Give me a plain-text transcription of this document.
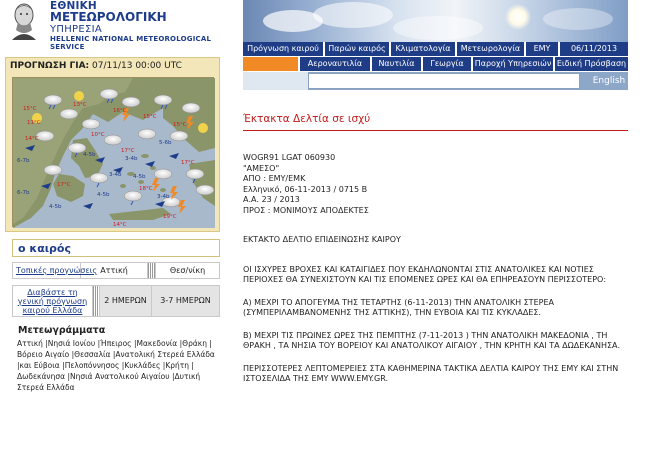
ΕΘΝΙΚΗ
ΜΕΤΕΩΡΟΛΟΓΙΚΗ
ΥΠΗΡΕΣΙΑ
HELLENIC NATIONAL METEOROLOGICAL SERVICE	Πρόγνωση καιρού	Παρών καιρός	Κλιματολογία	Μετεωρολογία	ΕΜΥ	06/11/2013
Αεροναυτιλία	Ναυτιλία	Γεωργία	Παροχή Υπηρεσιών Ειδική Πρόσβαση
English
ΠΡΟΓΝΩΣΗ ΓΙΑ: 07/11/13 00:00 UTC
15°C
13°C
16°C
11°C
10°C
15°C
15°C
14°C
17°C
17°C
17°C
18°C
19°C
14°C
6-7b
6-7b
4-5b
3-4b
3-4b
4-5b
4-5b
3-4b
5-6b
4-5b
ο καιρός
Τοπικές προγνώσεις Αττική	Θεσ/νίκη
Διαβάστε τη γενική πρόγνωση καιρού Ελλάδα
2 ΗΜΕΡΩΝ	3-7 ΗΜΕΡΩΝ
Μετεωγράμματα
Αττική |Νησιά Ιονίου |Ήπειρος |Μακεδονία |Θράκη |Βόρειο Αιγαίο |Θεσσαλία |Ανατολική Στερεά Ελλάδα |και Εύβοια |Πελοπόννησος |Κυκλάδες |Κρήτη |Δωδεκάνησα |Νησιά Ανατολικού Αιγαίου |Δυτική Στερεά Ελλάδα
Έκτακτα Δελτία σε ισχύ
WOGR91 LGAT 060930
"ΑΜΕΣΟ"
ΑΠΟ : ΕΜΥ/ΕΜΚ
Ελληνικό, 06-11-2013 / 0715 Β
Α.Α. 23 / 2013
ΠΡΟΣ : ΜΟΝΙΜΟΥΣ ΑΠΟΔΕΚΤΕΣ

ΕΚΤΑΚΤΟ ΔΕΛΤΙΟ ΕΠΙΔΕΙΝΩΣΗΣ ΚΑΙΡΟΥ

ΟΙ ΙΣΧΥΡΕΣ ΒΡΟΧΕΣ ΚΑΙ ΚΑΤΑΙΓΙΔΕΣ ΠΟΥ ΕΚΔΗΛΩΝΟΝΤΑΙ ΣΤΙΣ ΑΝΑΤΟΛΙΚΕΣ ΚΑΙ ΝΟΤΙΕΣ ΠΕΡΙΟΧΕΣ ΘΑ ΣΥΝΕΧΙΣΤΟΥΝ ΚΑΙ ΤΙΣ ΕΠΟΜΕΝΕΣ ΩΡΕΣ ΚΑΙ ΘΑ ΕΠΗΡΕΑΣΟΥΝ ΠΕΡΙΣΣΟΤΕΡΟ:

Α) ΜΕΧΡΙ ΤΟ ΑΠΟΓΕΥΜΑ ΤΗΣ ΤΕΤΑΡΤΗΣ (6-11-2013) ΤΗΝ ΑΝΑΤΟΛΙΚΗ ΣΤΕΡΕΑ (ΣΥΜΠΕΡΙΛΑΜΒΑΝΟΜΕΝΗΣ ΤΗΣ ΑΤΤΙΚΗΣ), ΤΗΝ ΕΥΒΟΙΑ ΚΑΙ ΤΙΣ ΚΥΚΛΑΔΕΣ.

Β) ΜΕΧΡΙ ΤΙΣ ΠΡΩΙΝΕΣ ΩΡΕΣ ΤΗΣ ΠΕΜΠΤΗΣ (7-11-2013 ) ΤΗΝ ΑΝΑΤΟΛΙΚΗ ΜΑΚΕΔΟΝΙΑ , ΤΗ ΘΡΑΚΗ , ΤΑ ΝΗΣΙΑ ΤΟΥ ΒΟΡΕΙΟΥ ΚΑΙ ΑΝΑΤΟΛΙΚΟΥ ΑΙΓΑΙΟΥ , ΤΗΝ ΚΡΗΤΗ ΚΑΙ ΤΑ ΔΩΔΕΚΑΝΗΣΑ.

ΠΕΡΙΣΣΟΤΕΡΕΣ ΛΕΠΤΟΜΕΡΕΙΕΣ ΣΤΑ ΚΑΘΗΜΕΡΙΝΑ ΤΑΚΤΙΚΑ ΔΕΛΤΙΑ ΚΑΙΡΟΥ ΤΗΣ ΕΜΥ ΚΑΙ ΣΤΗΝ ΙΣΤΟΣΕΛΙΔΑ ΤΗΣ ΕΜΥ WWW.EMY.GR.
